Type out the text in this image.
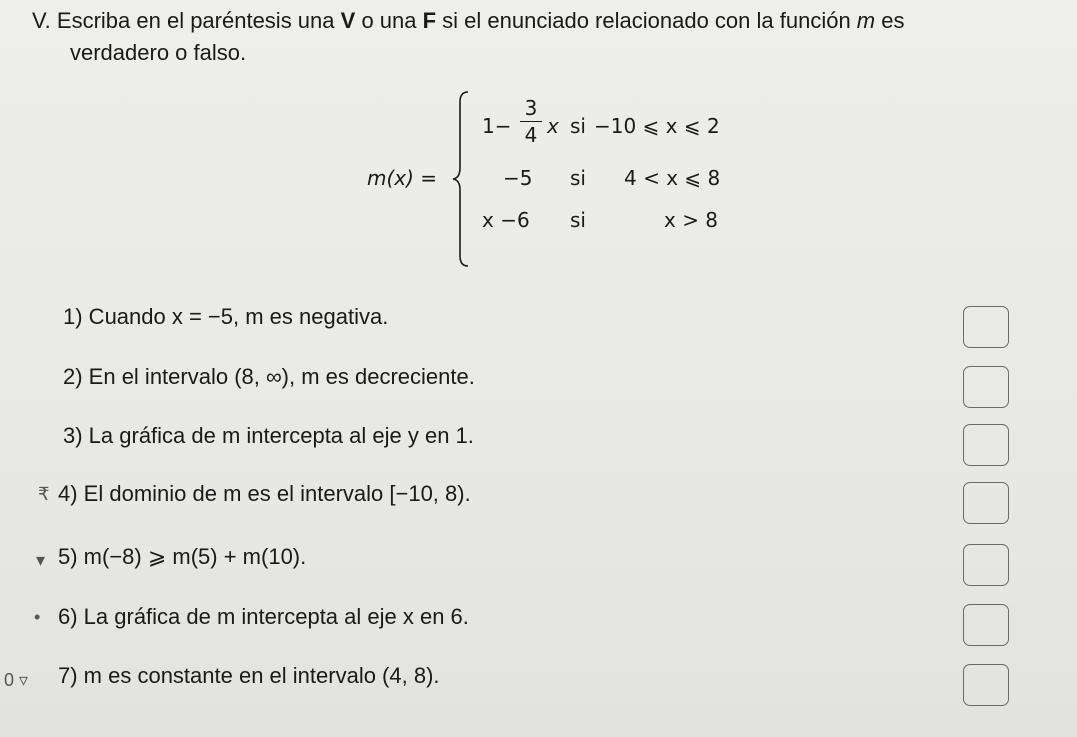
V. Escriba en el paréntesis una V o una F si el enunciado relacionado con la función m es
verdadero o falso.
m(x) =
1−
3
4 x si −10 ⩽ x ⩽ 2
−5 si 4 < x ⩽ 8
x −6 si	x > 8
1) Cuando x = −5, m es negativa.
2) En el intervalo (8, ∞), m es decreciente.
3) La gráfica de m intercepta al eje y en 1.
₹ 4) El dominio de m es el intervalo [−10, 8).
▾ 5) m(−8) ⩾ m(5) + m(10).
• 6) La gráfica de m intercepta al eje x en 6.
0 ▿ 7) m es constante en el intervalo (4, 8).
